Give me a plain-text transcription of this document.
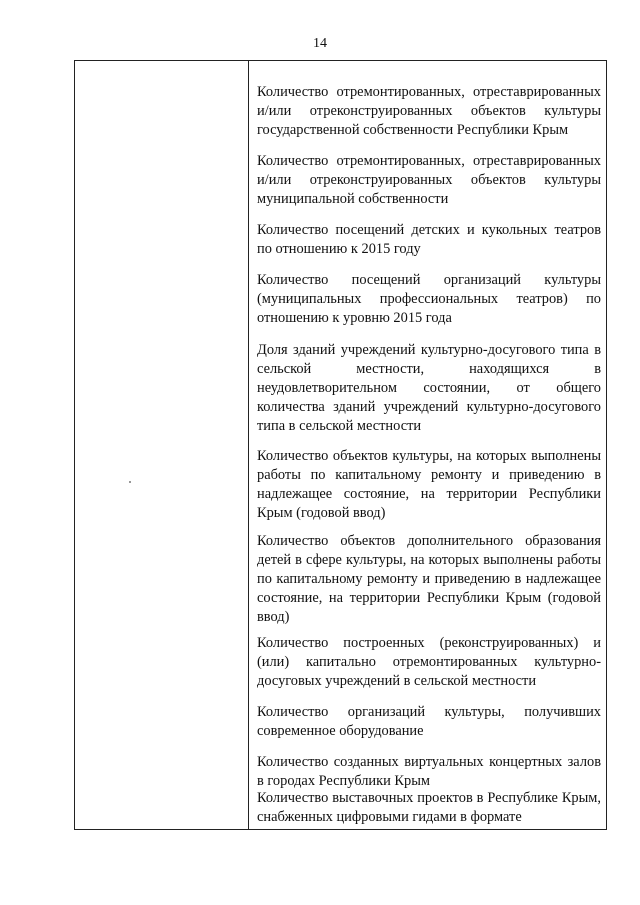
14

Количество отремонтированных, отреставрированных и/или отреконструированных объектов культуры государственной собственности Республики Крым

Количество отремонтированных, отреставрированных и/или отреконструированных объектов культуры муниципальной собственности

Количество посещений детских и кукольных театров по отношению к 2015 году

Количество посещений организаций культуры (муниципальных профессиональных театров) по отношению к уровню 2015 года

Доля зданий учреждений культурно-досугового типа в сельской местности, находящихся в неудовлетворительном состоянии, от общего количества зданий учреждений культурно-досугового типа в сельской местности

Количество объектов культуры, на которых выполнены работы по капитальному ремонту и приведению в надлежащее состояние, на территории Республики Крым (годовой ввод)

Количество объектов дополнительного образования детей в сфере культуры, на которых выполнены работы по капитальному ремонту и приведению в надлежащее состояние, на территории Республики Крым (годовой ввод)

Количество построенных (реконструированных) и (или) капитально отремонтированных культурно-досуговых учреждений в сельской местности

Количество организаций культуры, получивших современное оборудование

Количество созданных виртуальных концертных залов в городах Республики Крым

Количество выставочных проектов в Республике Крым, снабженных цифровыми гидами в формате
